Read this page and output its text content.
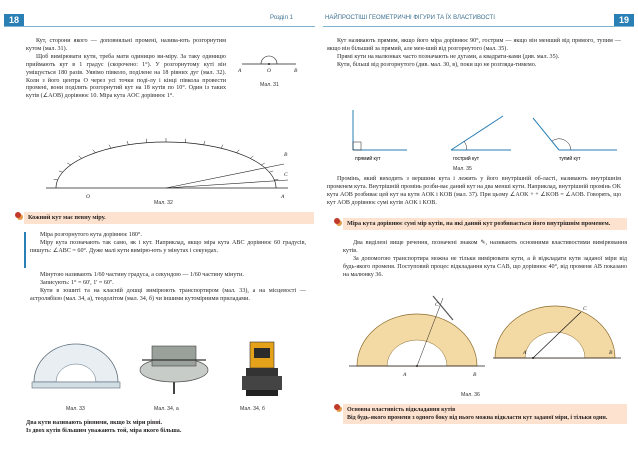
18	Розділ 1

Кут, сторони якого — доповняльні промені, назива-ють розгорнутим кутом (мал. 31).

Щоб вимірювати кути, треба мати одиницю ви-міру. За таку одиницю приймають кут в 1 градус (скорочено: 1°). У розгорнутому куті він уміщується 180 разів. Уявімо півколо, поділене на 18 рівних дуг (мал. 32). Коли з його центра O через усі точки поді-лу і кінці півкола провести промені, вони поділять розгорнутий кут на 18 кутів по 10°. Один із таких кутів (∠AOB) дорівнює 10. Міра кута AOC дорівнює 1°.

A	O	B
Мал. 31
O	A
C
B
Мал. 32
Кожний кут має певну міру.

Міра розгорнутого кута дорівнює 180°.

Міру кута позначають так само, як і кут. Наприклад, якщо міра кута ABC дорівнює 60 градусів, пишуть: ∠ABC = 60°. Дуже малі кути вимірю-ють у мінутах і секундах.

Мінутою називають 1/60 частину градуса, а секундою — 1/60 частину мінути.

Записують: 1° = 60', 1' = 60''.

Кути в зошиті та на класній дошці вимірюють транспортиром (мал. 33), а на місцевості — астролябією (мал. 34, а), теодолітом (мал. 34, б) чи іншими кутомірними приладами.

Мал. 33	Мал. 34, а	Мал. 34, б

Два кути називають рівними, якщо їх міри рівні.

Із двох кутів більшим уважають той, міра якого більша.

НАЙПРОСТІШІ ГЕОМЕТРИЧНІ ФІГУРИ ТА ЇХ ВЛАСТИВОСТІ	19

Кут називають прямим, якщо його міра дорівнює 90°, гострим — якщо він менший від прямого, тупим — якщо він більший за прямий, але мен-ший від розгорнутого (мал. 35).

Прямі кути на малюнках часто позначають не дугами, а квадрати-ками (див. мал. 35).

Кути, більші від розгорнутого (див. мал. 30, в), поки що не розгляда-тимемо.

прямий кут	гострий кут	тупий кут
Мал. 35

Промінь, який виходить з вершини кута і лежить у його внутрішній об-ласті, називають внутрішнім променем кута. Внутрішній промінь розби-ває даний кут на два менші кути. Наприклад, внутрішній промінь OK кута AOB розбиває цей кут на кути AOK і KOB (мал. 37). При цьому ∠AOK + + ∠KOB = ∠AOB. Говорять, що кут AOB дорівнює сумі кутів AOK і KOB.

Міра кута дорівнює сумі мір кутів, на які даний кут розбивається його внутрішнім променем.

Два виділені вище речення, позначені знаком ✎, називають основними властивостями вимірювання кутів.

За допомогою транспортира можна не тільки вимірювати кути, а й відкладати кути заданої міри від будь-якого променя. Поступовий процес відкладання кута CAB, що дорівнює 40°, від променя AB показано на малюнку 36.

C
A	B
C
A	B
Мал. 36
Основна властивість відкладання кутів
Від будь-якого променя з одного боку від нього можна відкласти кут заданої міри, і тільки один.
